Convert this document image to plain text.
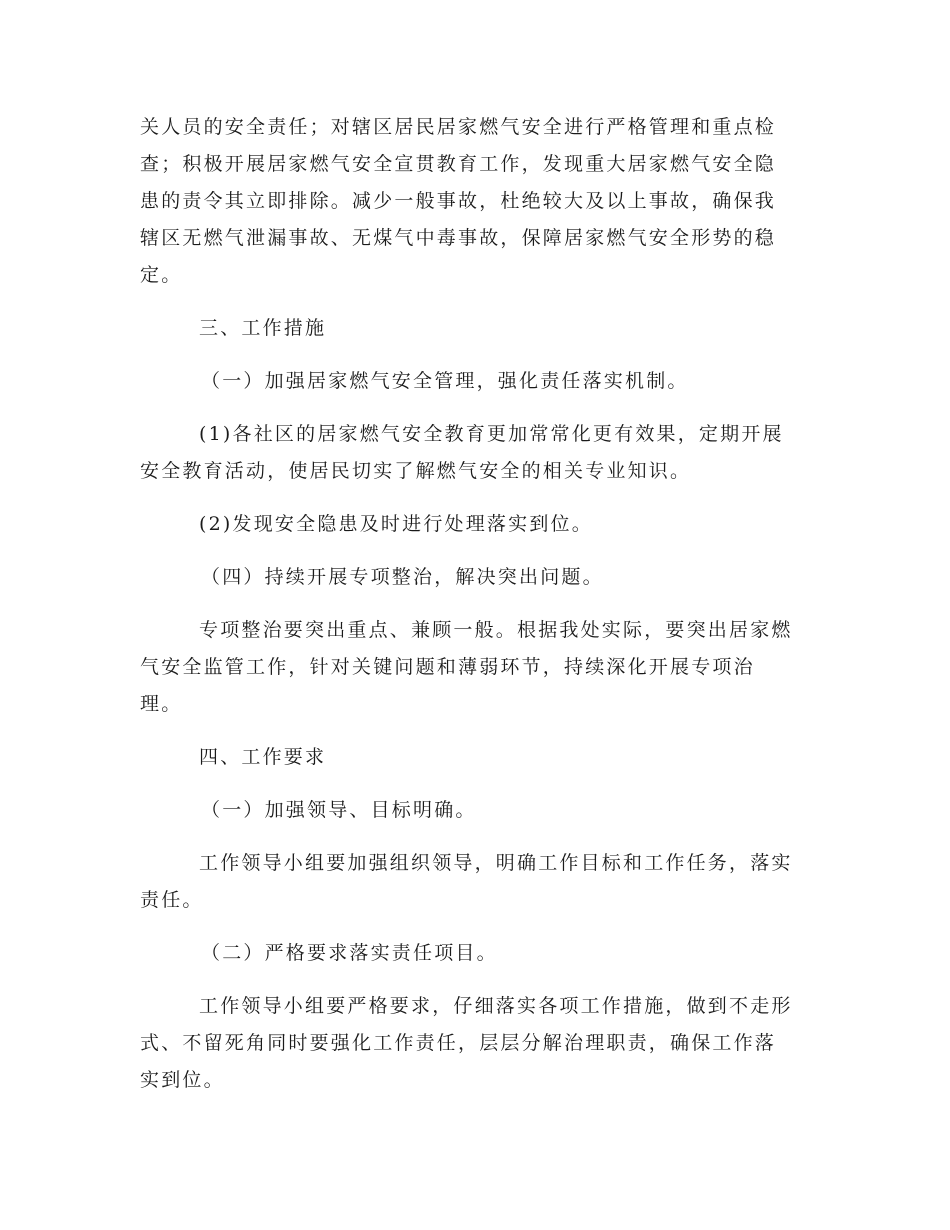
关人员的安全责任；对辖区居民居家燃气安全进行严格管理和重点检
查；积极开展居家燃气安全宣贯教育工作，发现重大居家燃气安全隐
患的责令其立即排除。减少一般事故，杜绝较大及以上事故，确保我
辖区无燃气泄漏事故、无煤气中毒事故，保障居家燃气安全形势的稳
定。
三、工作措施
（一）加强居家燃气安全管理，强化责任落实机制。
(1)各社区的居家燃气安全教育更加常常化更有效果，定期开展
安全教育活动，使居民切实了解燃气安全的相关专业知识。
(2)发现安全隐患及时进行处理落实到位。
（四）持续开展专项整治，解决突出问题。
专项整治要突出重点、兼顾一般。根据我处实际，要突出居家燃
气安全监管工作，针对关键问题和薄弱环节，持续深化开展专项治
理。
四、工作要求
（一）加强领导、目标明确。
工作领导小组要加强组织领导，明确工作目标和工作任务，落实
责任。
（二）严格要求落实责任项目。
工作领导小组要严格要求，仔细落实各项工作措施，做到不走形
式、不留死角同时要强化工作责任，层层分解治理职责，确保工作落
实到位。
